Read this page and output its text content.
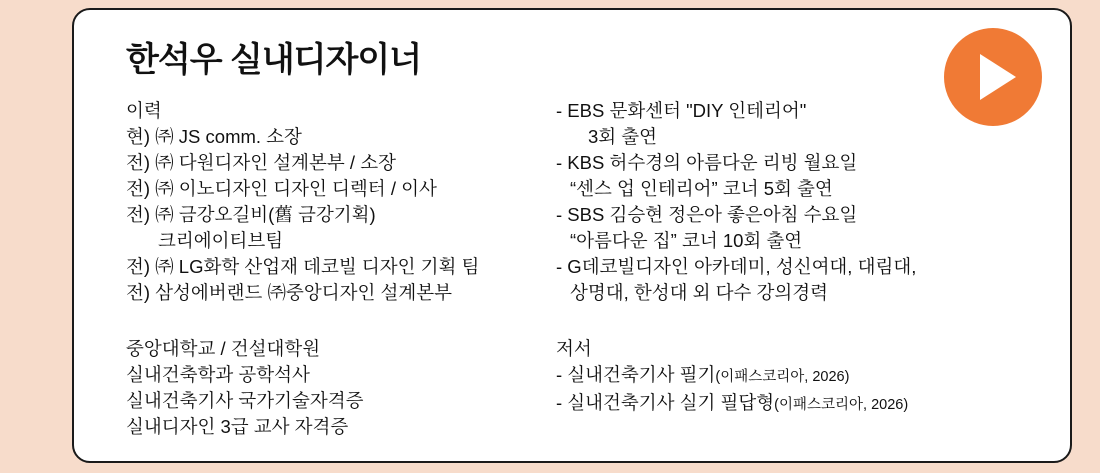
한석우 실내디자이너
이력
현) ㈜ JS comm. 소장
전) ㈜ 다원디자인 설계본부 / 소장
전) ㈜ 이노디자인 디자인 디렉터 / 이사
전) ㈜ 금강오길비(舊 금강기획)
크리에이티브팀
전) ㈜ LG화학 산업재 데코빌 디자인 기획 팀
전) 삼성에버랜드 ㈜중앙디자인 설계본부
중앙대학교 / 건설대학원
실내건축학과 공학석사
실내건축기사 국가기술자격증
실내디자인 3급 교사 자격증
- EBS 문화센터 "DIY 인테리어"
3회 출연
- KBS 허수경의 아름다운 리빙 월요일
“센스 업 인테리어” 코너 5회 출연
- SBS 김승현 정은아 좋은아침 수요일
“아름다운 집” 코너 10회 출연
- G데코빌디자인 아카데미, 성신여대, 대림대,
상명대, 한성대 외 다수 강의경력
저서
- 실내건축기사 필기(이패스코리아, 2026)
- 실내건축기사 실기 필답형(이패스코리아, 2026)
